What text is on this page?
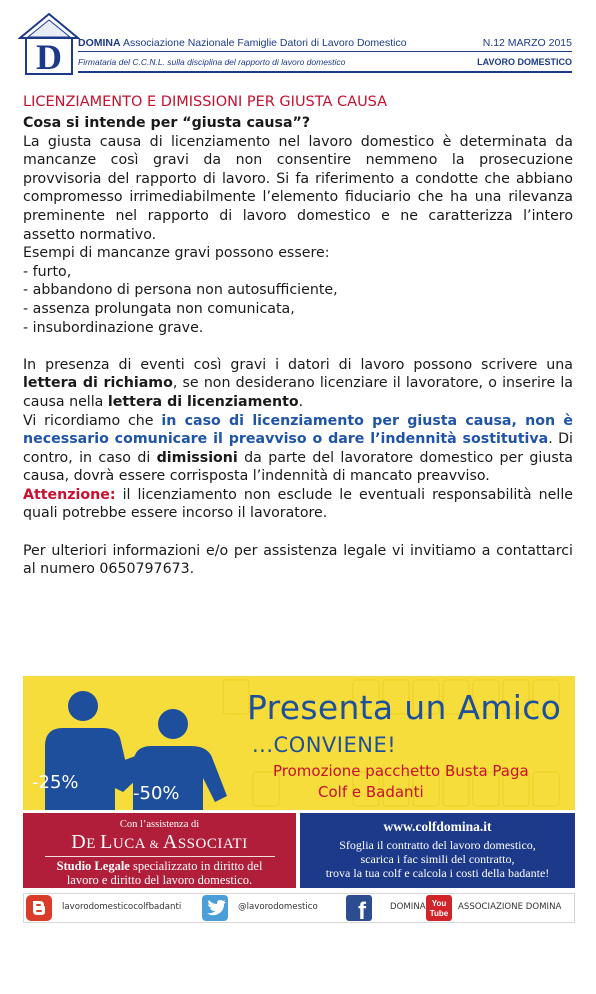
D DOMINA Associazione Nazionale Famiglie Datori di Lavoro Domestico	N.12 MARZO 2015
Firmataria del C.C.N.L. sulla disciplina del rapporto di lavoro domestico	LAVORO DOMESTICO
LICENZIAMENTO E DIMISSIONI PER GIUSTA CAUSA
Cosa si intende per “giusta causa”?

La giusta causa di licenziamento nel lavoro domestico è determinata da mancanze così gravi da non consentire nemmeno la prosecuzione provvisoria del rapporto di lavoro. Si fa riferimento a condotte che abbiano compromesso irrimediabilmente l’elemento fiduciario che ha una rilevanza preminente nel rapporto di lavoro domestico e ne caratterizza l’intero assetto normativo.

Esempi di mancanze gravi possono essere:
- furto,
- abbandono di persona non autosufficiente,
- assenza prolungata non comunicata,
- insubordinazione grave.

In presenza di eventi così gravi i datori di lavoro possono scrivere una lettera di richiamo, se non desiderano licenziare il lavoratore, o inserire la causa nella lettera di licenziamento.

Vi ricordiamo che in caso di licenziamento per giusta causa, non è necessario comunicare il preavviso o dare l’indennità sostitutiva. Di contro, in caso di dimissioni da parte del lavoratore domestico per giusta causa, dovrà essere corrisposta l’indennità di mancato preavviso.

Attenzione: il licenziamento non esclude le eventuali responsabilità nelle quali potrebbe essere incorso il lavoratore.

Per ulteriori informazioni e/o per assistenza legale vi invitiamo a contattarci al numero 0650797673.

-25%
-50%
Presenta un Amico
...CONVIENE!
Promozione pacchetto Busta Paga
Colf e Badanti
Con l’assistenza di
DE LUCA & ASSOCIATI
Studio Legale specializzato in diritto del
lavoro e diritto del lavoro domestico.
www.colfdomina.it
Sfoglia il contratto del lavoro domestico,
scarica i fac simili del contratto,
trova la tua colf e calcola i costi della badante!
lavorodomesticocolfbadanti	@lavorodomestico f	DOMINA You
Tube
ASSOCIAZIONE DOMINA
